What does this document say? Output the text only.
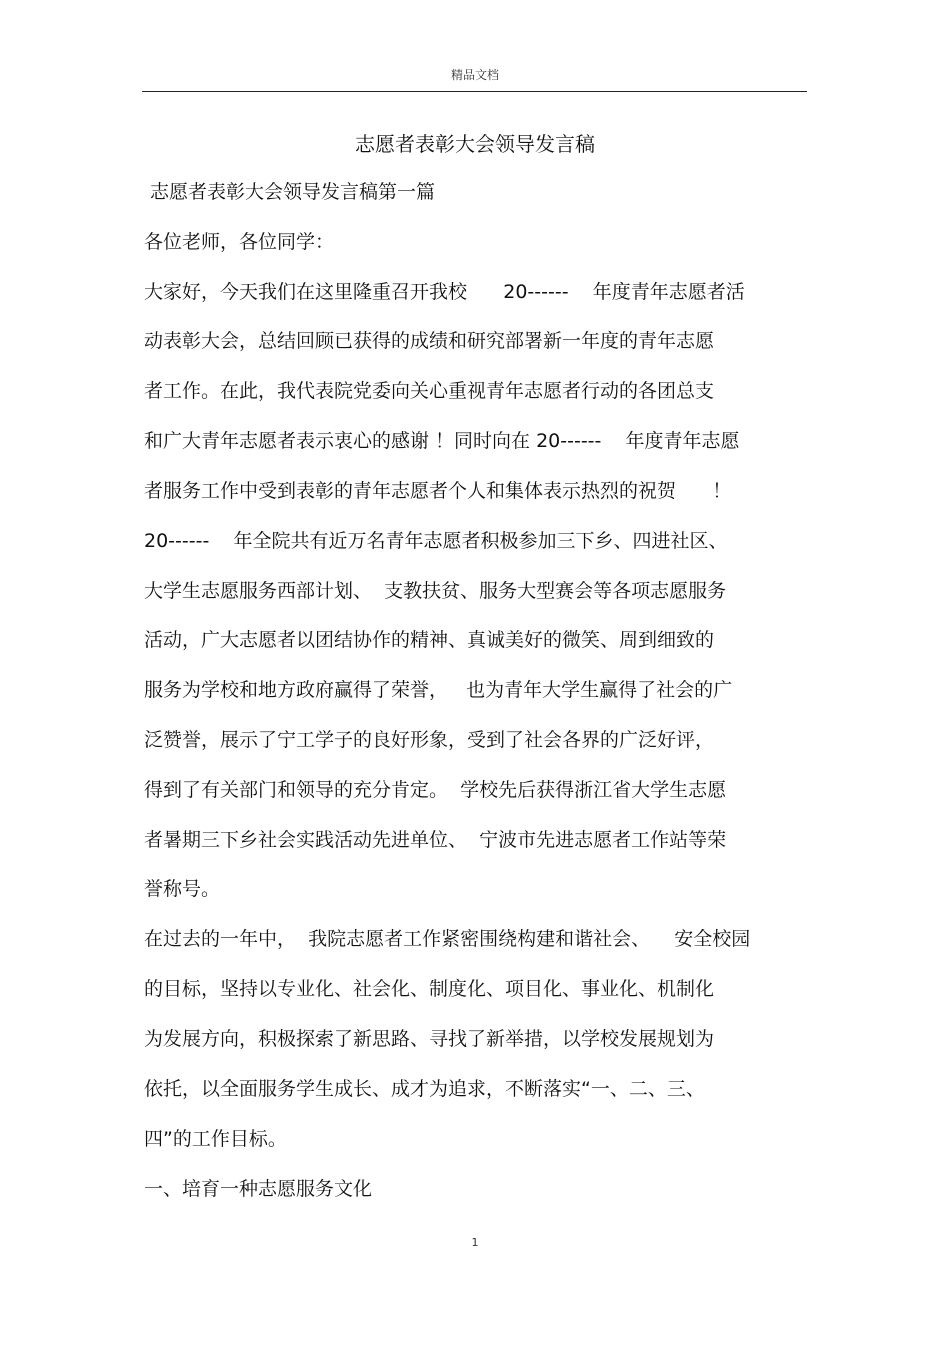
精品文档
志愿者表彰大会领导发言稿
志愿者表彰大会领导发言稿第一篇
各位老师，各位同学：
大家好，今天我们在这里隆重召开我校      20------    年度青年志愿者活
动表彰大会，总结回顾已获得的成绩和研究部署新一年度的青年志愿
者工作。在此，我代表院党委向关心重视青年志愿者行动的各团总支
和广大青年志愿者表示衷心的感谢 ！同时向在 20------    年度青年志愿
者服务工作中受到表彰的青年志愿者个人和集体表示热烈的祝贺      ！
20------    年全院共有近万名青年志愿者积极参加三下乡、四进社区、
大学生志愿服务西部计划、  支教扶贫、服务大型赛会等各项志愿服务
活动，广大志愿者以团结协作的精神、真诚美好的微笑、周到细致的
服务为学校和地方政府赢得了荣誉，   也为青年大学生赢得了社会的广
泛赞誉，展示了宁工学子的良好形象，受到了社会各界的广泛好评，
得到了有关部门和领导的充分肯定。  学校先后获得浙江省大学生志愿
者暑期三下乡社会实践活动先进单位、  宁波市先进志愿者工作站等荣
誉称号。
在过去的一年中，  我院志愿者工作紧密围绕构建和谐社会、    安全校园
的目标，坚持以专业化、社会化、制度化、项目化、事业化、机制化
为发展方向，积极探索了新思路、寻找了新举措，以学校发展规划为
依托，以全面服务学生成长、成才为追求，不断落实“一、二、三、
四”的工作目标。
一、培育一种志愿服务文化
1
